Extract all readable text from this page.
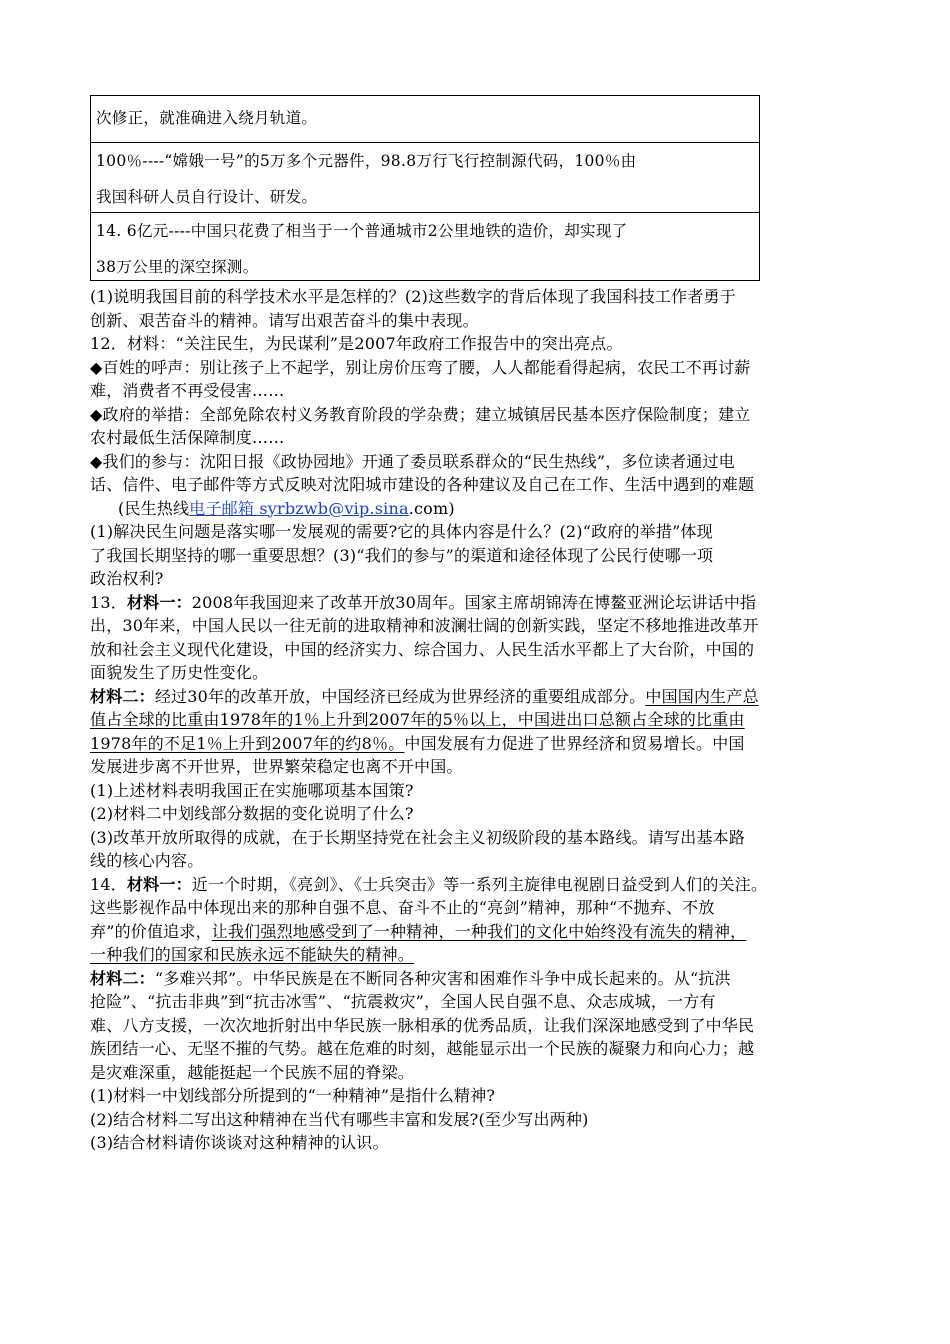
次修正，就准确进入绕月轨道。
100％----“嫦娥一号”的5万多个元器件，98.8万行飞行控制源代码，100％由
我国科研人员自行设计、研发。
14. 6亿元----中国只花费了相当于一个普通城市2公里地铁的造价，却实现了
38万公里的深空探测。

(1)说明我国目前的科学技术水平是怎样的？(2)这些数字的背后体现了我国科技工作者勇于

创新、艰苦奋斗的精神。请写出艰苦奋斗的集中表现。

12．材料：“关注民生，为民谋利”是2007年政府工作报告中的突出亮点。

◆百姓的呼声：别让孩子上不起学，别让房价压弯了腰，人人都能看得起病，农民工不再讨薪

难，消费者不再受侵害……

◆政府的举措：全部免除农村义务教育阶段的学杂费；建立城镇居民基本医疗保险制度；建立

农村最低生活保障制度……

◆我们的参与：沈阳日报《政协园地》开通了委员联系群众的“民生热线”，多位读者通过电

话、信件、电子邮件等方式反映对沈阳城市建设的各种建议及自己在工作、生活中遇到的难题

(民生热线电子邮箱 syrbzwb@vip.sina.com)

(1)解决民生问题是落实哪一发展观的需要?它的具体内容是什么？(2)“政府的举措”体现

了我国长期坚持的哪一重要思想？(3)“我们的参与”的渠道和途径体现了公民行使哪一项

政治权利?

13．材料一：2008年我国迎来了改革开放30周年。国家主席胡锦涛在博鳌亚洲论坛讲话中指

出，30年来，中国人民以一往无前的进取精神和波澜壮阔的创新实践，坚定不移地推进改革开

放和社会主义现代化建设，中国的经济实力、综合国力、人民生活水平都上了大台阶，中国的

面貌发生了历史性变化。

材料二：经过30年的改革开放，中国经济已经成为世界经济的重要组成部分。中国国内生产总

值占全球的比重由1978年的1％上升到2007年的5％以上，中国进出口总额占全球的比重由

1978年的不足1％上升到2007年的约8％。中国发展有力促进了世界经济和贸易增长。中国

发展进步离不开世界，世界繁荣稳定也离不开中国。

(1)上述材料表明我国正在实施哪项基本国策?

(2)材料二中划线部分数据的变化说明了什么?

(3)改革开放所取得的成就，在于长期坚持党在社会主义初级阶段的基本路线。请写出基本路

线的核心内容。

14．材料一：近一个时期，《亮剑》、《士兵突击》等一系列主旋律电视剧日益受到人们的关注。

这些影视作品中体现出来的那种自强不息、奋斗不止的“亮剑”精神，那种“不抛弃、不放

弃”的价值追求，让我们强烈地感受到了一种精神，一种我们的文化中始终没有流失的精神，

一种我们的国家和民族永远不能缺失的精神。

材料二：“多难兴邦”。中华民族是在不断同各种灾害和困难作斗争中成长起来的。从“抗洪

抢险”、“抗击非典”到“抗击冰雪”、“抗震救灾”，全国人民自强不息、众志成城，一方有

难、八方支援，一次次地折射出中华民族一脉相承的优秀品质，让我们深深地感受到了中华民

族团结一心、无坚不摧的气势。越在危难的时刻，越能显示出一个民族的凝聚力和向心力；越

是灾难深重，越能挺起一个民族不屈的脊梁。

(1)材料一中划线部分所提到的“一种精神”是指什么精神?

(2)结合材料二写出这种精神在当代有哪些丰富和发展?(至少写出两种)

(3)结合材料请你谈谈对这种精神的认识。
